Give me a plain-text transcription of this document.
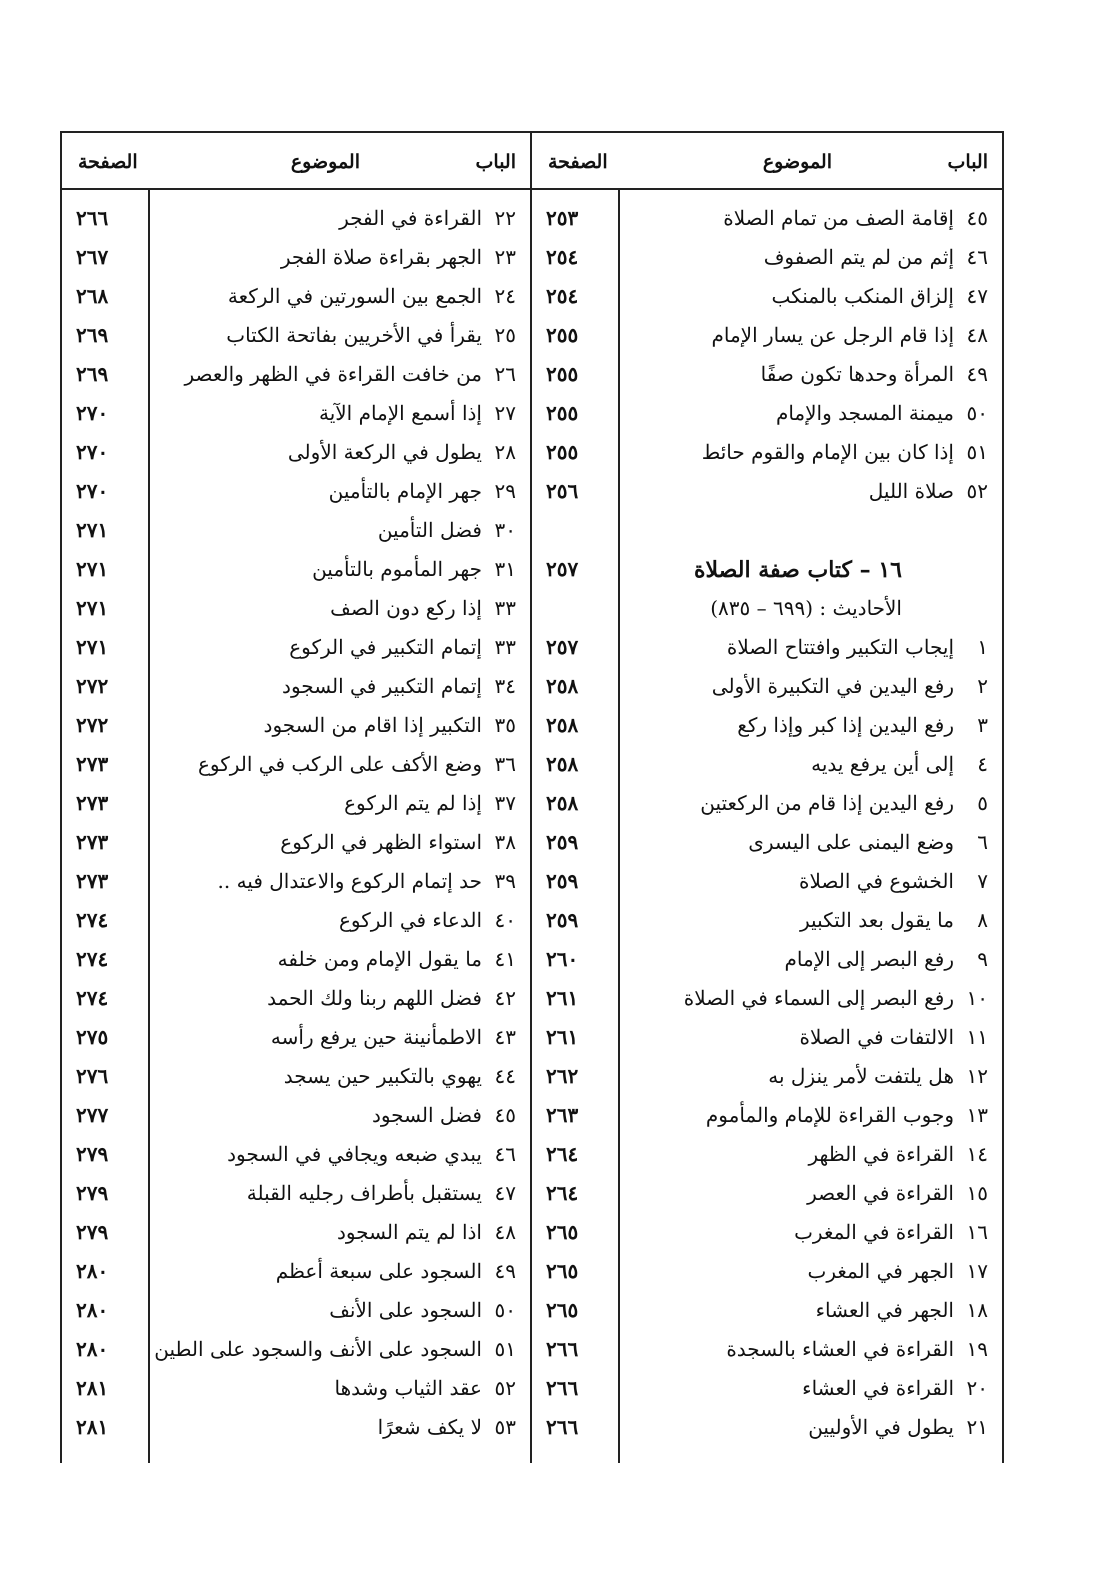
الباب
الموضوع
الصفحة
٤٥
إقامة الصف من تمام الصلاة
٢٥٣
٤٦
إثم من لم يتم الصفوف
٢٥٤
٤٧
إلزاق المنكب بالمنكب
٢٥٤
٤٨
إذا قام الرجل عن يسار الإمام
٢٥٥
٤٩
المرأة وحدها تكون صفًا
٢٥٥
٥٠
ميمنة المسجد والإمام
٢٥٥
٥١
إذا كان بين الإمام والقوم حائط
٢٥٥
٥٢
صلاة الليل
٢٥٦
١٦ – كتاب صفة الصلاة
٢٥٧
الأحاديث : (٦٩٩ – ٨٣٥)
١
إيجاب التكبير وافتتاح الصلاة
٢٥٧
٢
رفع اليدين في التكبيرة الأولى
٢٥٨
٣
رفع اليدين إذا كبر وإذا ركع
٢٥٨
٤
إلى أين يرفع يديه
٢٥٨
٥
رفع اليدين إذا قام من الركعتين
٢٥٨
٦
وضع اليمنى على اليسرى
٢٥٩
٧
الخشوع في الصلاة
٢٥٩
٨
ما يقول بعد التكبير
٢٥٩
٩
رفع البصر إلى الإمام
٢٦٠
١٠
رفع البصر إلى السماء في الصلاة
٢٦١
١١
الالتفات في الصلاة
٢٦١
١٢
هل يلتفت لأمر ينزل به
٢٦٢
١٣
وجوب القراءة للإمام والمأموم
٢٦٣
١٤
القراءة في الظهر
٢٦٤
١٥
القراءة في العصر
٢٦٤
١٦
القراءة في المغرب
٢٦٥
١٧
الجهر في المغرب
٢٦٥
١٨
الجهر في العشاء
٢٦٥
١٩
القراءة في العشاء بالسجدة
٢٦٦
٢٠
القراءة في العشاء
٢٦٦
٢١
يطول في الأوليين
٢٦٦
الباب
الموضوع
الصفحة
٢٢
القراءة في الفجر
٢٦٦
٢٣
الجهر بقراءة صلاة الفجر
٢٦٧
٢٤
الجمع بين السورتين في الركعة
٢٦٨
٢٥
يقرأ في الأخريين بفاتحة الكتاب
٢٦٩
٢٦
من خافت القراءة في الظهر والعصر
٢٦٩
٢٧
إذا أسمع الإمام الآية
٢٧٠
٢٨
يطول في الركعة الأولى
٢٧٠
٢٩
جهر الإمام بالتأمين
٢٧٠
٣٠
فضل التأمين
٢٧١
٣١
جهر المأموم بالتأمين
٢٧١
٣٣
إذا ركع دون الصف
٢٧١
٣٣
إتمام التكبير في الركوع
٢٧١
٣٤
إتمام التكبير في السجود
٢٧٢
٣٥
التكبير إذا اقام من السجود
٢٧٢
٣٦
وضع الأكف على الركب في الركوع
٢٧٣
٣٧
إذا لم يتم الركوع
٢٧٣
٣٨
استواء الظهر في الركوع
٢٧٣
٣٩
حد إتمام الركوع والاعتدال فيه ..
٢٧٣
٤٠
الدعاء في الركوع
٢٧٤
٤١
ما يقول الإمام ومن خلفه
٢٧٤
٤٢
فضل اللهم ربنا ولك الحمد
٢٧٤
٤٣
الاطمأنينة حين يرفع رأسه
٢٧٥
٤٤
يهوي بالتكبير حين يسجد
٢٧٦
٤٥
فضل السجود
٢٧٧
٤٦
يبدي ضبعه ويجافي في السجود
٢٧٩
٤٧
يستقبل بأطراف رجليه القبلة
٢٧٩
٤٨
اذا لم يتم السجود
٢٧٩
٤٩
السجود على سبعة أعظم
٢٨٠
٥٠
السجود على الأنف
٢٨٠
٥١
السجود على الأنف والسجود على الطين
٢٨٠
٥٢
عقد الثياب وشدها
٢٨١
٥٣
لا يكف شعرًا
٢٨١
